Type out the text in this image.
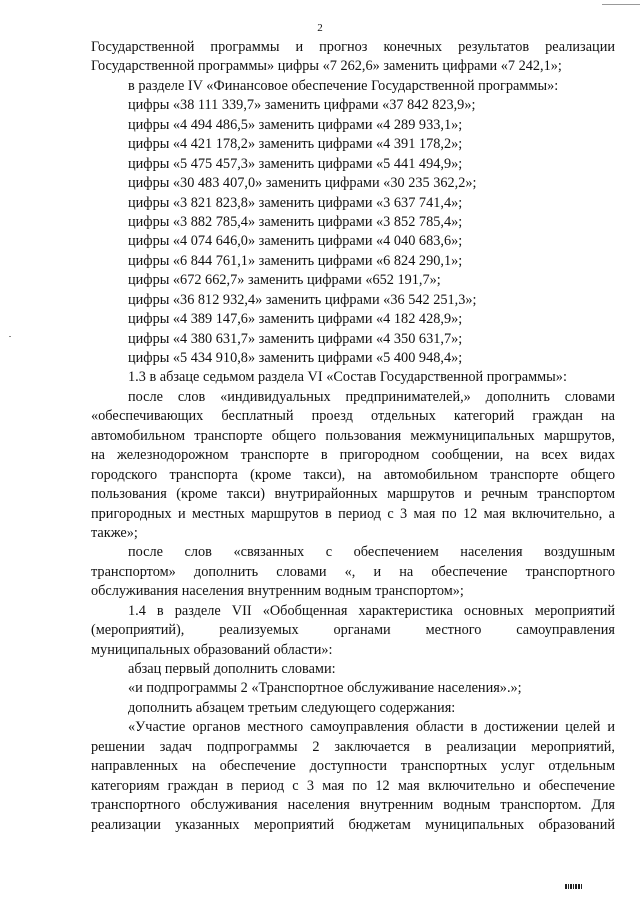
2
Государственной программы и прогноз конечных результатов реализации
Государственной программы» цифры «7 262,6» заменить цифрами «7 242,1»;
в разделе IV «Финансовое обеспечение Государственной программы»:
цифры «38 111 339,7» заменить цифрами «37 842 823,9»;
цифры «4 494 486,5» заменить цифрами «4 289 933,1»;
цифры «4 421 178,2» заменить цифрами «4 391 178,2»;
цифры «5 475 457,3» заменить цифрами «5 441 494,9»;
цифры «30 483 407,0» заменить цифрами «30 235 362,2»;
цифры «3 821 823,8» заменить цифрами «3 637 741,4»;
цифры «3 882 785,4» заменить цифрами «3 852 785,4»;
цифры «4 074 646,0» заменить цифрами «4 040 683,6»;
цифры «6 844 761,1» заменить цифрами «6 824 290,1»;
цифры «672 662,7» заменить цифрами «652 191,7»;
цифры «36 812 932,4» заменить цифрами «36 542 251,3»;
цифры «4 389 147,6» заменить цифрами «4 182 428,9»;
цифры «4 380 631,7» заменить цифрами «4 350 631,7»;
цифры «5 434 910,8» заменить цифрами «5 400 948,4»;
1.3 в абзаце седьмом раздела VI «Состав Государственной программы»:
после слов «индивидуальных предпринимателей,» дополнить словами
«обеспечивающих бесплатный проезд отдельных категорий граждан на
автомобильном транспорте общего пользования межмуниципальных маршрутов,
на железнодорожном транспорте в пригородном сообщении, на всех видах
городского транспорта (кроме такси), на автомобильном транспорте общего
пользования (кроме такси) внутрирайонных маршрутов и речным транспортом
пригородных и местных маршрутов в период с 3 мая по 12 мая включительно, а
также»;
после слов «связанных с обеспечением населения воздушным
транспортом» дополнить словами «, и на обеспечение транспортного
обслуживания населения внутренним водным транспортом»;
1.4 в разделе VII «Обобщенная характеристика основных мероприятий
(мероприятий), реализуемых органами местного самоуправления
муниципальных образований области»:
абзац первый дополнить словами:
«и подпрограммы 2 «Транспортное обслуживание населения».»;
дополнить абзацем третьим следующего содержания:
«Участие органов местного самоуправления области в достижении целей и
решении задач подпрограммы 2 заключается в реализации мероприятий,
направленных на обеспечение доступности транспортных услуг отдельным
категориям граждан в период с 3 мая по 12 мая включительно и обеспечение
транспортного обслуживания населения внутренним водным транспортом. Для
реализации указанных мероприятий бюджетам муниципальных образований
